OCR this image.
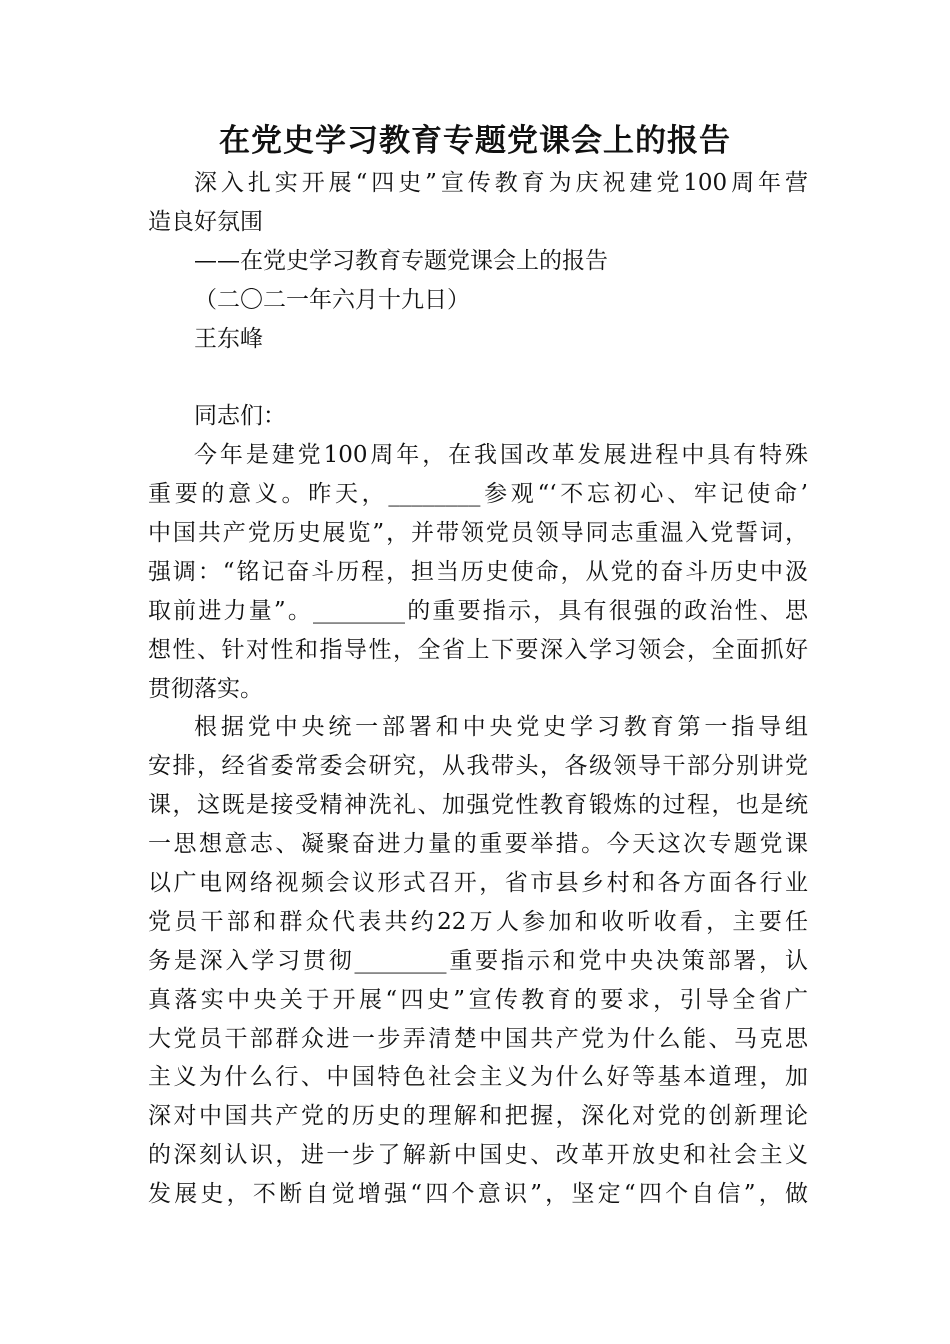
在党史学习教育专题党课会上的报告
深入扎实开展“四史”宣传教育为庆祝建党100周年营
造良好氛围
——在党史学习教育专题党课会上的报告
（二〇二一年六月十九日）
王东峰
同志们：
今年是建党100周年，在我国改革发展进程中具有特殊
重要的意义。昨天，________参观“‘不忘初心、牢记使命’
中国共产党历史展览”，并带领党员领导同志重温入党誓词，
强调：“铭记奋斗历程，担当历史使命，从党的奋斗历史中汲
取前进力量”。________的重要指示，具有很强的政治性、思
想性、针对性和指导性，全省上下要深入学习领会，全面抓好
贯彻落实。
根据党中央统一部署和中央党史学习教育第一指导组
安排，经省委常委会研究，从我带头，各级领导干部分别讲党
课，这既是接受精神洗礼、加强党性教育锻炼的过程，也是统
一思想意志、凝聚奋进力量的重要举措。今天这次专题党课
以广电网络视频会议形式召开，省市县乡村和各方面各行业
党员干部和群众代表共约22万人参加和收听收看，主要任
务是深入学习贯彻________重要指示和党中央决策部署，认
真落实中央关于开展“四史”宣传教育的要求，引导全省广
大党员干部群众进一步弄清楚中国共产党为什么能、马克思
主义为什么行、中国特色社会主义为什么好等基本道理，加
深对中国共产党的历史的理解和把握，深化对党的创新理论
的深刻认识，进一步了解新中国史、改革开放史和社会主义
发展史，不断自觉增强“四个意识”，坚定“四个自信”，做
